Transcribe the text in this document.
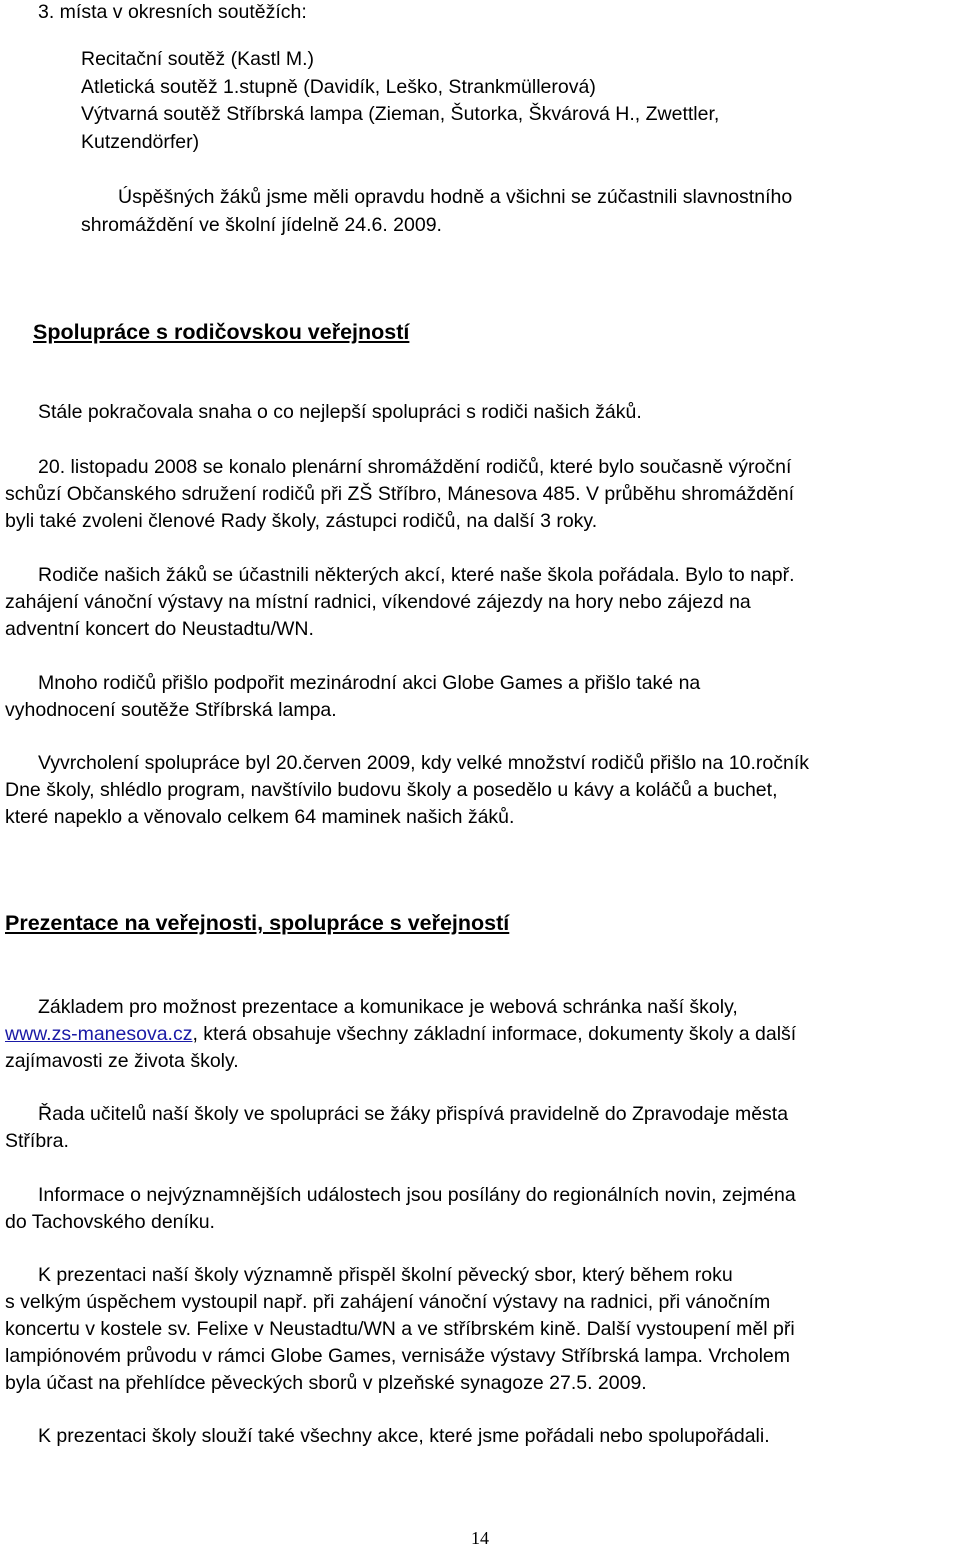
3. místa v okresních soutěžích:
Recitační soutěž (Kastl M.)
Atletická soutěž 1.stupně (Davidík, Leško, Strankmüllerová)
Výtvarná soutěž Stříbrská lampa (Zieman, Šutorka, Škvárová H., Zwettler,
Kutzendörfer)
Úspěšných žáků jsme měli opravdu hodně a všichni se zúčastnili slavnostního
shromáždění ve školní jídelně 24.6. 2009.
Spolupráce s rodičovskou veřejností
Stále pokračovala snaha o co nejlepší spolupráci s rodiči našich žáků.
20. listopadu 2008 se konalo plenární shromáždění rodičů, které bylo současně výroční
schůzí Občanského sdružení rodičů při ZŠ Stříbro, Mánesova 485. V průběhu shromáždění
byli také zvoleni členové Rady školy, zástupci rodičů, na další 3 roky.
Rodiče našich žáků se účastnili některých akcí, které naše škola pořádala. Bylo to např.
zahájení vánoční výstavy na místní radnici, víkendové zájezdy na hory nebo zájezd na
adventní koncert do Neustadtu/WN.
Mnoho rodičů přišlo podpořit mezinárodní akci Globe Games a přišlo také na
vyhodnocení soutěže Stříbrská lampa.
Vyvrcholení spolupráce byl 20.červen 2009, kdy velké množství rodičů přišlo na 10.ročník
Dne školy, shlédlo program, navštívilo budovu školy a posedělo u kávy a koláčů a buchet,
které napeklo a věnovalo celkem 64 maminek našich žáků.
Prezentace na veřejnosti, spolupráce s veřejností
Základem pro možnost prezentace a komunikace je webová schránka naší školy,
www.zs-manesova.cz, která obsahuje všechny základní informace, dokumenty školy a další
zajímavosti ze života školy.
Řada učitelů naší školy ve spolupráci se žáky přispívá pravidelně do Zpravodaje města
Stříbra.
Informace o nejvýznamnějších událostech jsou posílány do regionálních novin, zejména
do Tachovského deníku.
K prezentaci naší školy významně přispěl školní pěvecký sbor, který během roku
s velkým úspěchem vystoupil např. při zahájení vánoční výstavy na radnici, při vánočním
koncertu v kostele sv. Felixe v Neustadtu/WN a ve stříbrském kině. Další vystoupení měl při
lampiónovém průvodu v rámci Globe Games, vernisáže výstavy Stříbrská lampa. Vrcholem
byla účast na přehlídce pěveckých sborů v plzeňské synagoze 27.5. 2009.
K prezentaci školy slouží také všechny akce, které jsme pořádali nebo spolupořádali.
14
